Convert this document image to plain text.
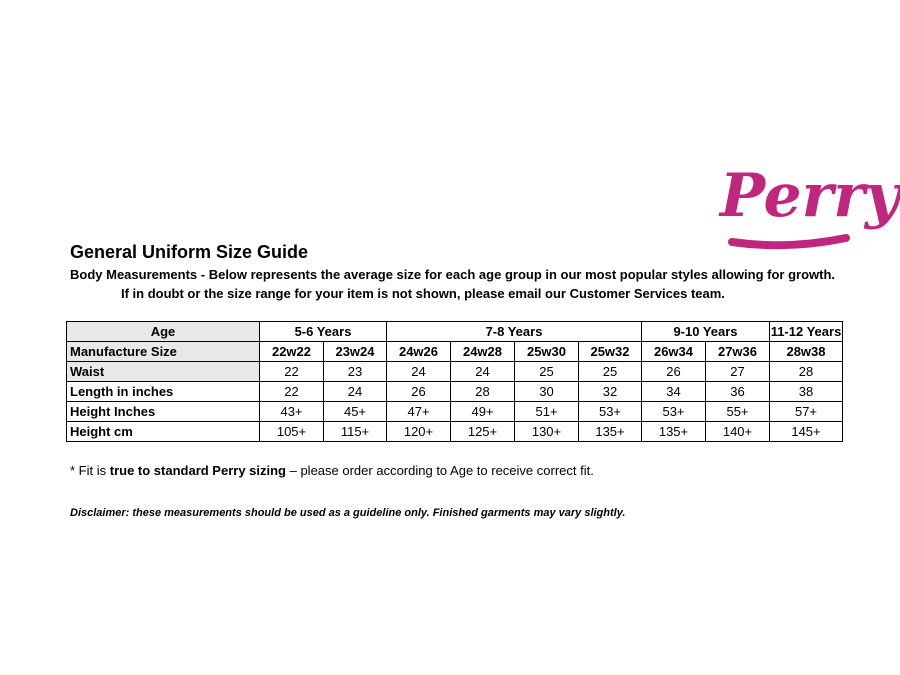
Perry
General Uniform Size Guide
Body Measurements - Below represents the average size for each age group in our most popular styles allowing for growth.
If in doubt or the size range for your item is not shown, please email our Customer Services team.
Age	5-6 Years		7-8 Years				9-10 Years		11-12 Years
Manufacture Size	22w22	23w24	24w26	24w28	25w30	25w32	26w34	27w36	28w38
Waist	22	23	24	24	25	25	26	27	28
Length in inches	22	24	26	28	30	32	34	36	38
Height Inches	43+	45+	47+	49+	51+	53+	53+	55+	57+
Height cm	105+	115+	120+	125+	130+	135+	135+	140+	145+
* Fit is true to standard Perry sizing – please order according to Age to receive correct fit.
Disclaimer: these measurements should be used as a guideline only. Finished garments may vary slightly.
